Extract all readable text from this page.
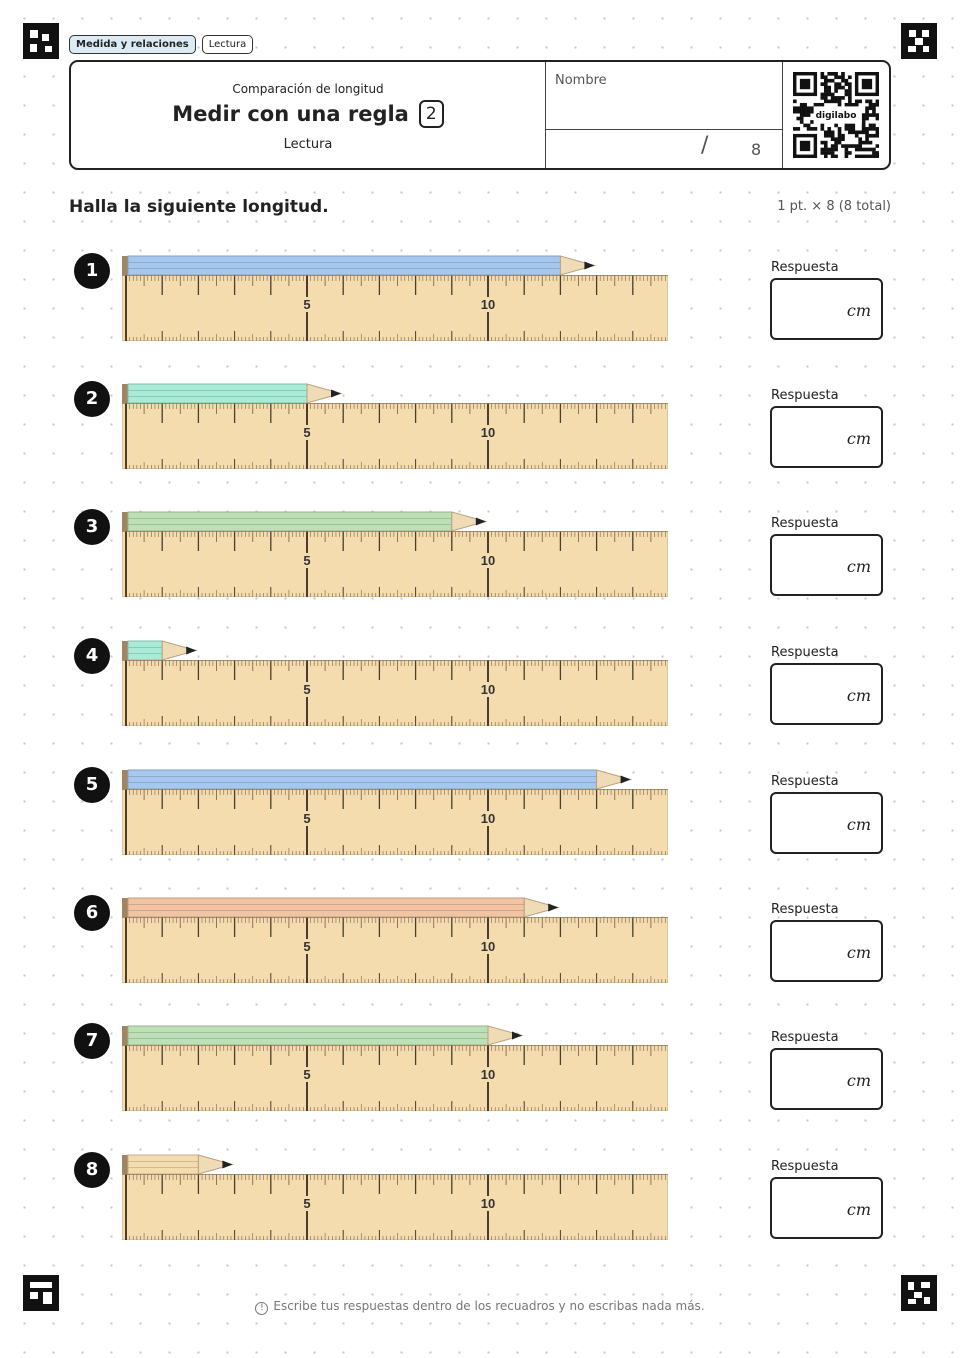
Medida y relaciones	Lectura
Comparación de longitud
Medir con una regla 2
Lectura
Nombre
/	8
digilabo
Halla la siguiente longitud.	1 pt. × 8 (8 total)
1
5	10
Respuesta
cm
2
5	10
Respuesta
cm
3
5	10
Respuesta
cm
4
5	10
Respuesta
cm
5
5	10
Respuesta
cm
6
5	10
Respuesta
cm
7
5	10
Respuesta
cm
8
5	10
Respuesta
cm
! Escribe tus respuestas dentro de los recuadros y no escribas nada más.
